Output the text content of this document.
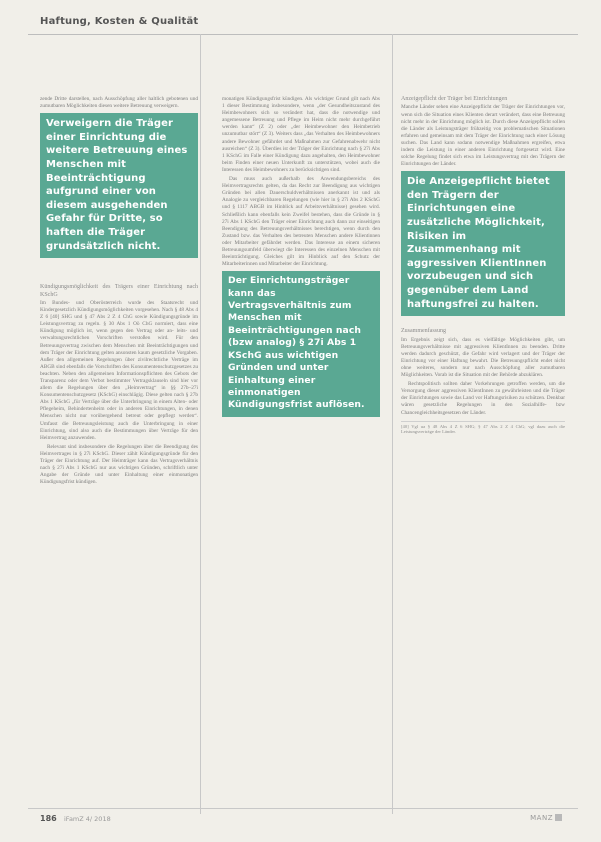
Haftung, Kosten & Qualität

zende Dritte darstellen, nach Ausschöpfung aller haltlich gebotenen und zumutbaren Möglichkeiten diesen weitere Betreuung verweigern.

Verweigern die Träger einer Einrichtung die weitere Betreuung eines Menschen mit Beeinträchtigung aufgrund einer von diesem ausgehenden Gefahr für Dritte, so haften die Träger grundsätzlich nicht.
Kündigungsmöglichkeit des Trägers einer Einrichtung nach KSchG

Im Bundes- und Oberösterreich wurde des Staatsrecht und Kindergesetzlich Kündigungsmöglichkeiten vorgesehen. Nach § 48 Abs 4 Z 6 [40] SHG und § 47 Abs 2 Z 4 ChG sowie Kündigungsgründe im Leistungsvertrag zu regeln. § 30 Abs 1 Oö ChG normiert, dass eine Kündigung möglich ist, wenn gegen den Vertrag oder an- leits- und verwaltungsrechtlichen Vorschriften verstoßen wird. Für den Betreuungsvertrag zwischen dem Menschen mit Beeinträchtigungen und dem Träger der Einrichtung gelten ansonsten kaum gesetzliche Vorgaben. Außer den allgemeinen Regelungen über zivilrechtliche Verträge im ABGB sind ebenfalls die Vorschriften des Konsumentenschutzgesetzes zu beachten. Neben den allgemeinen Informationspflichten des Gebots der Transparenz oder dem Verbot bestimmter Vertragsklauseln sind hier vor allem die Regelungen über den „Heimvertrag“ in §§ 27b–27i Konsumentenschutzgesetz (KSchG) einschlägig. Diese gelten nach § 27b Abs 1 KSchG „für Verträge über die Unterbringung in einem Alten- oder Pflegeheim, Behindertenheim oder in anderen Einrichtungen, in denen Menschen nicht nur vorübergehend betreut oder gepflegt werden“. Umfasst die Betreuungsleistung auch die Unterbringung in einer Einrichtung, sind also auch die Bestimmungen über Verträge für den Heimvertrag anzuwenden.

Relevant sind insbesondere die Regelungen über die Beendigung des Heimvertrages in § 27i KSchG. Dieser zählt Kündigungsgründe für den Träger der Einrichtung auf. Der Heimträger kann das Vertragsverhältnis nach § 27i Abs 1 KSchG nur aus wichtigen Gründen, schriftlich unter Angabe der Gründe und unter Einhaltung einer einmonatigen Kündigungsfrist kündigen.

monatigen Kündigungsfrist kündigen. Als wichtiger Grund gilt nach Abs 1 dieser Bestimmung insbesondere, wenn „der Gesundheitszustand des Heimbewohners sich so verändert hat, dass die notwendige und angemessene Betreuung und Pflege im Heim nicht mehr durchgeführt werden kann“ (Z 2) oder „der Heimbewohner den Heimbetrieb unzumutbar stört“ (Z 3). Weiters dass „das Verhalten des Heimbewohners andere Bewohner gefährdet und Maßnahmen zur Gefahrenabwehr nicht ausreichen“ (Z 3). Überdies ist der Träger der Einrichtung nach § 27i Abs 1 KSchG im Falle einer Kündigung dazu angehalten, den Heimbewohner beim Finden einer neuen Unterkunft zu unterstützen, wobei auch die Interessen des Heimbewohners zu berücksichtigen sind.

Das muss auch außerhalb des Anwendungsbereichs des Heimvertragsrechts gelten, da das Recht zur Beendigung aus wichtigen Gründen bei allen Dauerschuldverhältnissen anerkannt ist und als Analogie zu vergleichbaren Regelungen (wie hier in § 27i Abs 2 KSchG und § 1117 ABGB im Hinblick auf Arbeitsverhältnisse) gesehen wird. Schließlich kann ebenfalls kein Zweifel bestehen, dass die Gründe in § 27i Abs 1 KSchG den Träger einer Einrichtung auch dann zur einseitigen Beendigung des Betreuungsverhältnisses berechtigen, wenn durch den Zustand bzw. das Verhalten des betreuten Menschen andere Klientinnen oder Mitarbeiter gefährdet werden. Das Interesse an einem sicheren Betreuungsumfeld überwiegt die Interessen des einzelnen Menschen mit Beeinträchtigung. Gleiches gilt im Hinblick auf den Schutz der Mitarbeiterinnen und Mitarbeiter der Einrichtung.

Der Einrichtungsträger kann das Vertragsverhältnis zum Menschen mit Beeinträchtigungen nach (bzw analog) § 27i Abs 1 KSchG aus wichtigen Gründen und unter Einhaltung einer einmonatigen Kündigungsfrist auflösen.
Anzeigepflicht der Träger bei Einrichtungen

Manche Länder sehen eine Anzeigepflicht der Träger der Einrichtungen vor, wenn sich die Situation eines Klienten derart verändert, dass eine Betreuung nicht mehr in der Einrichtung möglich ist. Durch diese Anzeigepflicht sollen die Länder als Leistungsträger frühzeitig von problematischen Situationen erfahren und gemeinsam mit dem Träger der Einrichtung nach einer Lösung suchen. Das Land kann sodann notwendige Maßnahmen ergreifen, etwa indem die Leistung in einer anderen Einrichtung fortgesetzt wird. Eine solche Regelung findet sich etwa im Leistungsvertrag mit den Trägern der Einrichtungen der Länder.

Die Anzeigepflicht bietet den Trägern der Einrichtungen eine zusätzliche Möglichkeit, Risiken im Zusammenhang mit aggressiven KlientInnen vorzubeugen und sich gegenüber dem Land haftungsfrei zu halten.
Zusammenfassung

Im Ergebnis zeigt sich, dass es vielfältige Möglichkeiten gibt, um Betreuungsverhältnisse mit aggressiven KlientInnen zu beenden. Dritte werden dadurch geschützt, die Gefahr wird verlagert und der Träger der Einrichtung vor einer Haftung bewahrt. Die Betreuungspflicht endet nicht ohne weiteres, sondern nur nach Ausschöpfung aller zumutbaren Möglichkeiten. Vorab ist die Situation mit der Behörde abzuklären.

Rechtspolitisch sollten daher Vorkehrungen getroffen werden, um die Versorgung dieser aggressiven KlientInnen zu gewährleisten und die Träger der Einrichtungen sowie das Land vor Haftungsrisiken zu schützen. Denkbar wären gesetzliche Regelungen in den Sozialhilfe- bzw Chancengleichheitsgesetzen der Länder.

[40] Vgl ua § 48 Abs 4 Z 6 SHG; § 47 Abs 2 Z 4 ChG; vgl dazu auch die Leistungsverträge der Länder.
186 iFamZ 4/ 2018	MANZ
